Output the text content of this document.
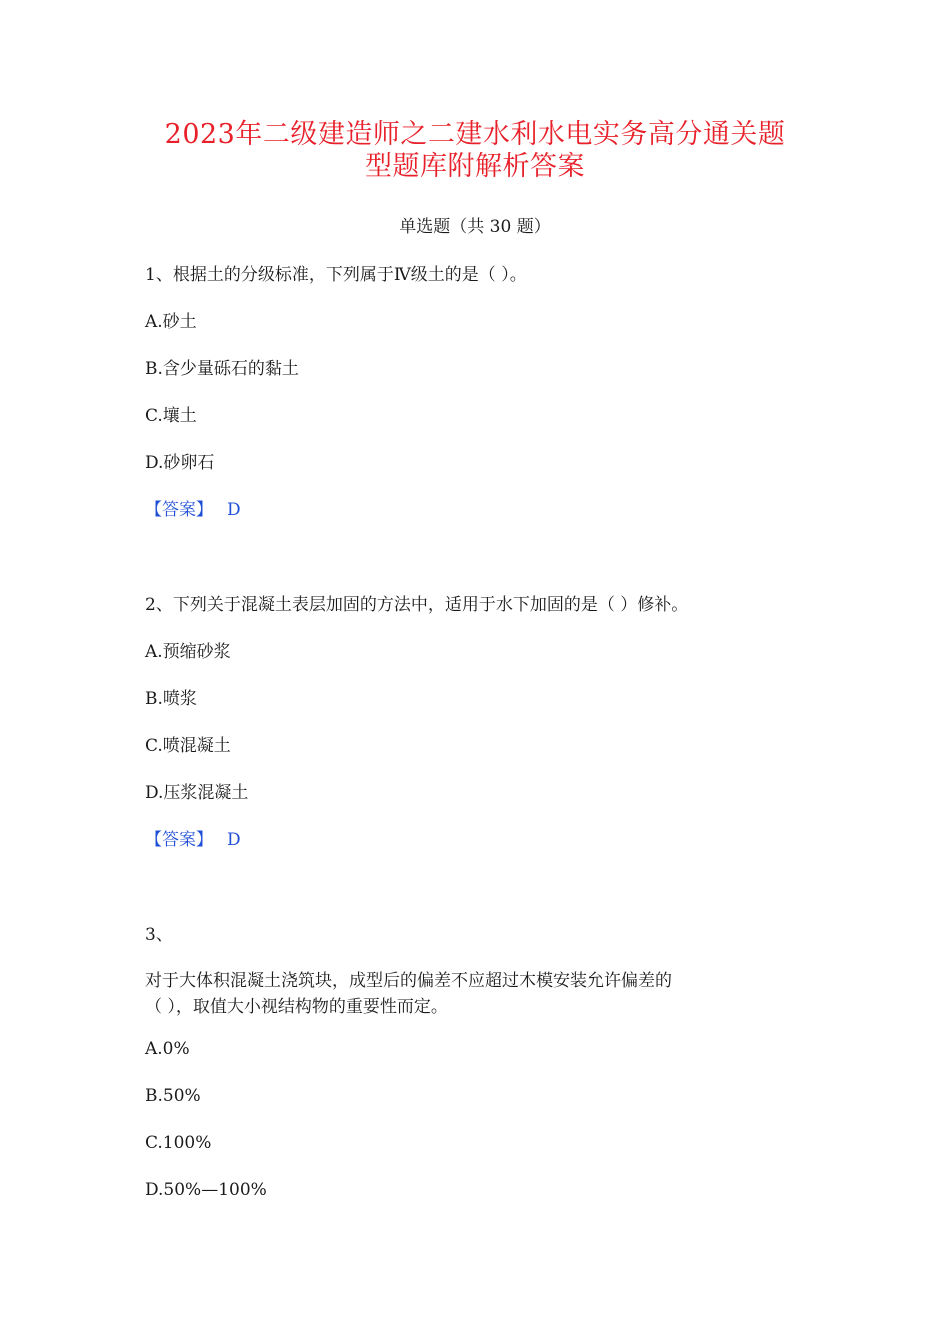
2023年二级建造师之二建水利水电实务高分通关题
型题库附解析答案
单选题（共 30 题）
1、根据土的分级标准，下列属于Ⅳ级土的是（ ）。
A.砂土
B.含少量砾石的黏土
C.壤土
D.砂卵石
【答案】 D
2、下列关于混凝土表层加固的方法中，适用于水下加固的是（ ）修补。
A.预缩砂浆
B.喷浆
C.喷混凝土
D.压浆混凝土
【答案】 D
3、
对于大体积混凝土浇筑块，成型后的偏差不应超过木模安装允许偏差的
（ ），取值大小视结构物的重要性而定。
A.0%
B.50%
C.100%
D.50%—100%
